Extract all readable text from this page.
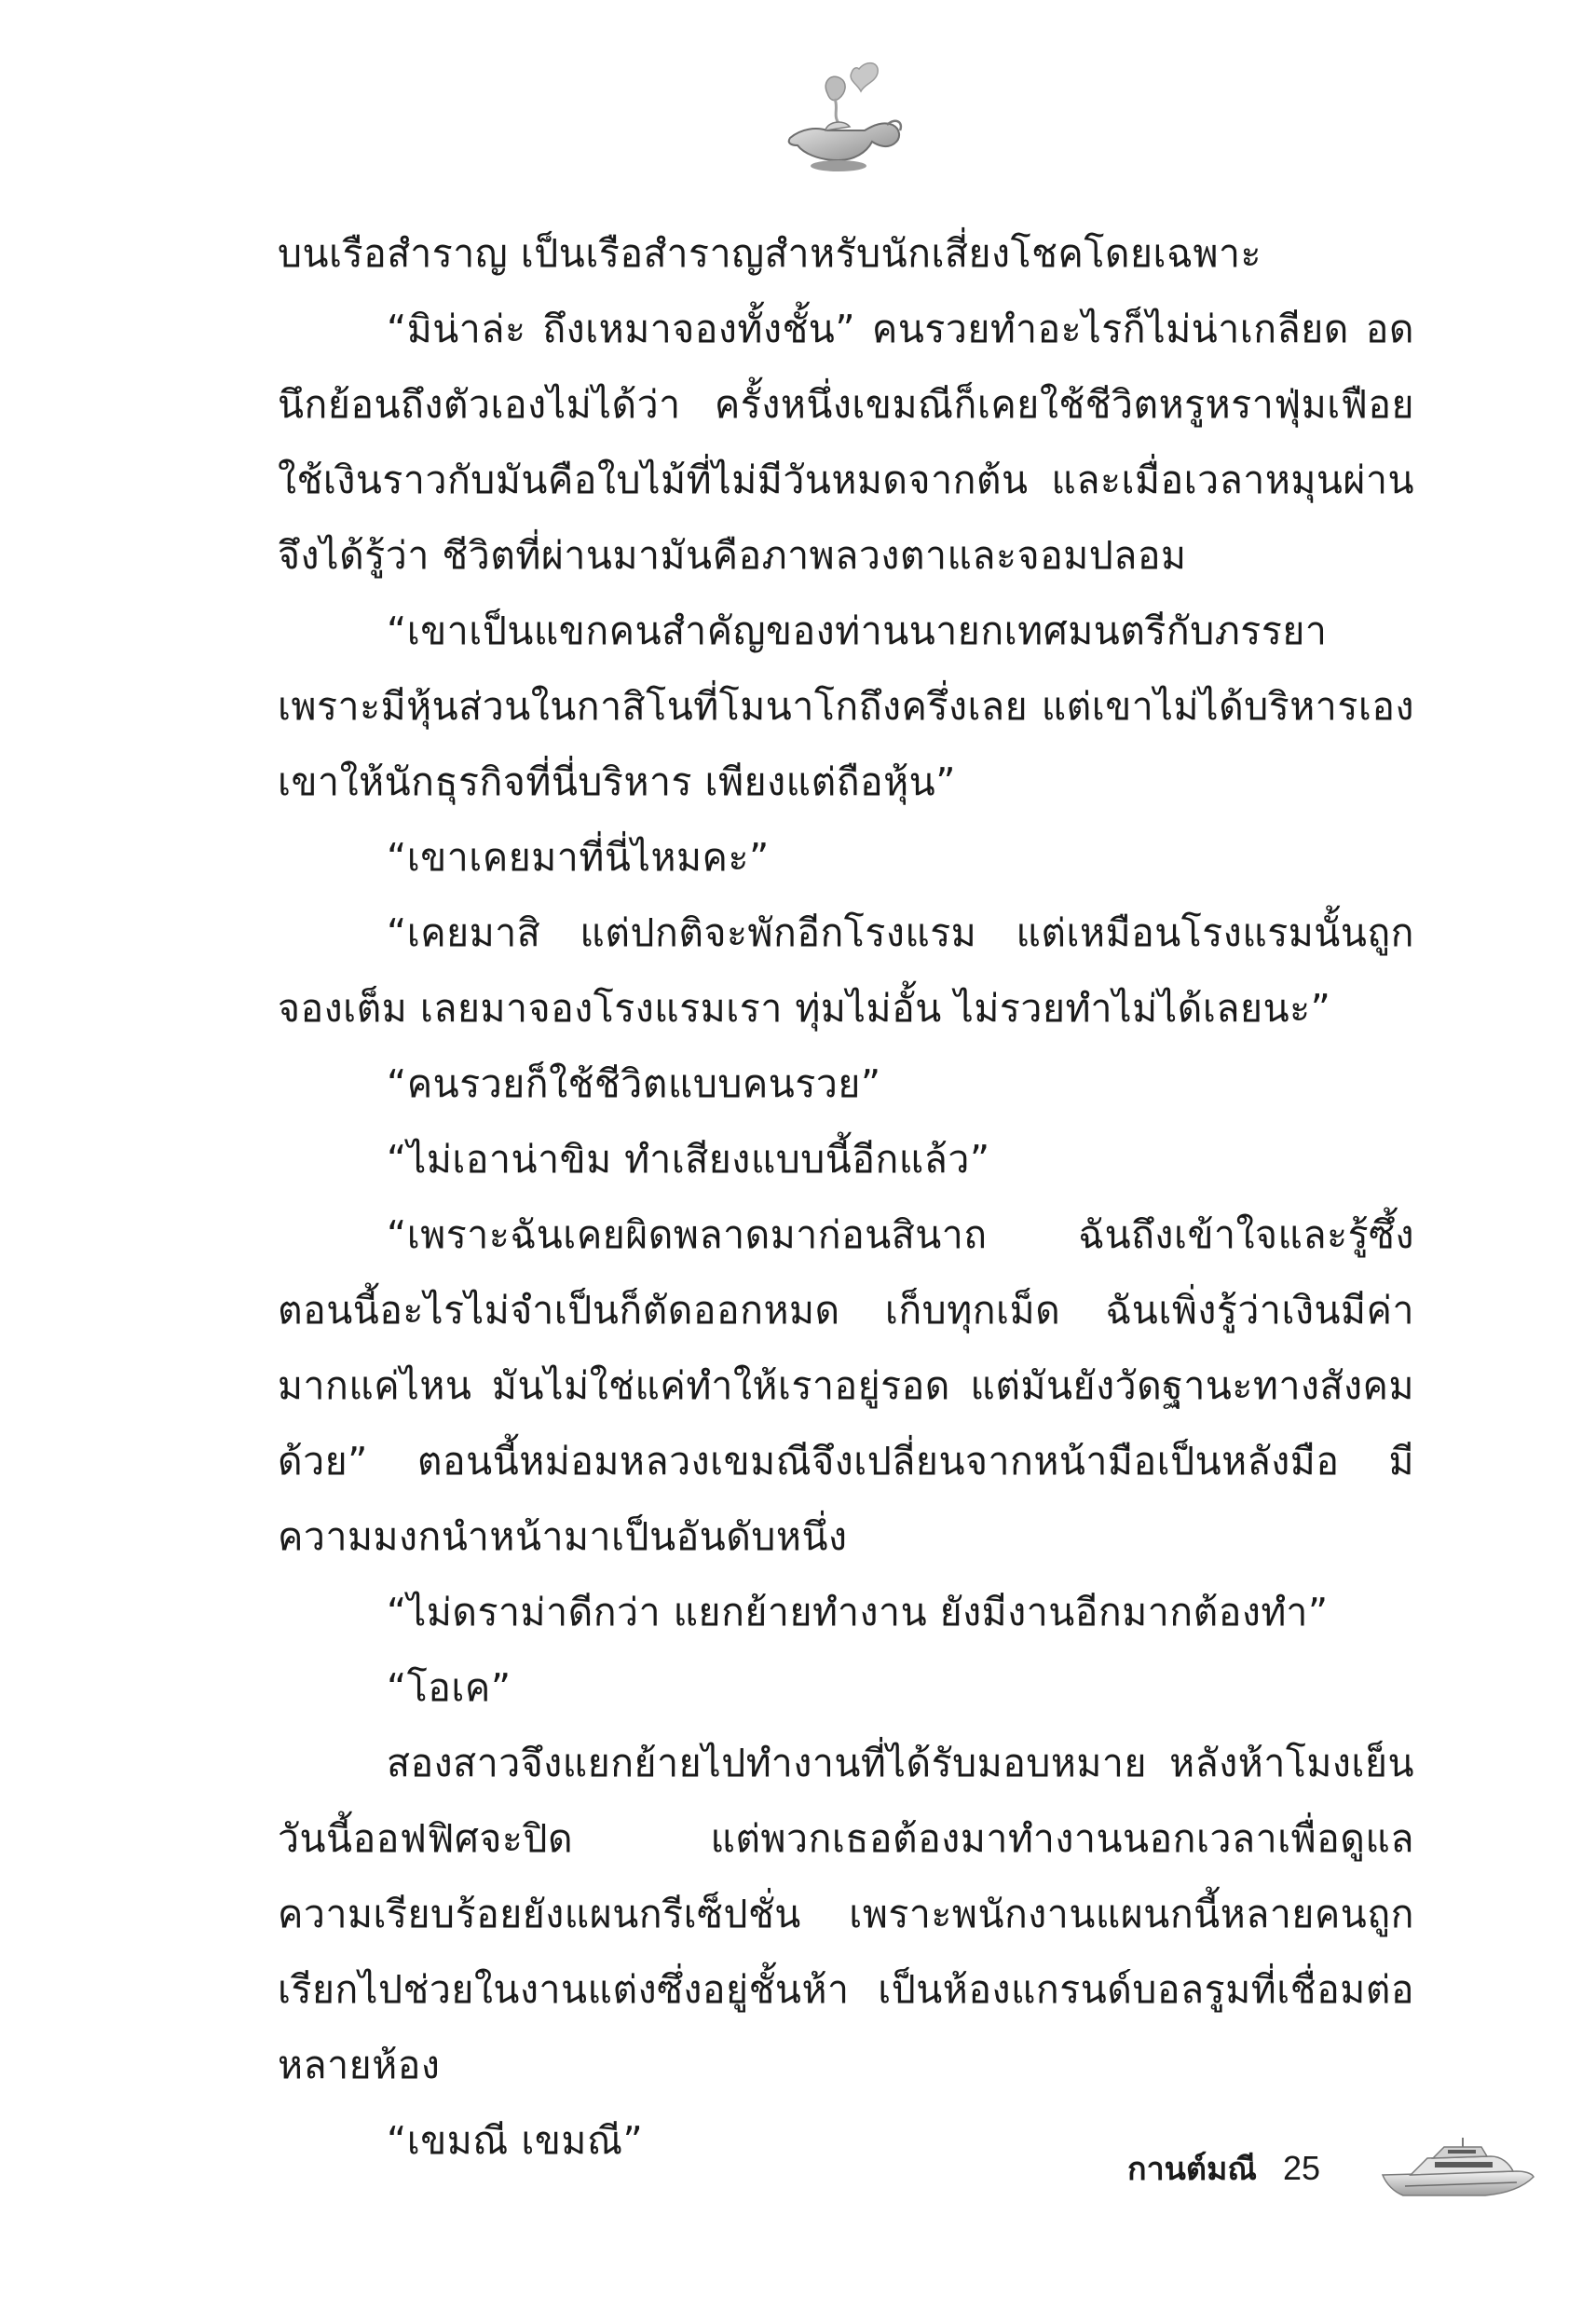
บนเรือสำราญ เป็นเรือสำราญสำหรับนักเสี่ยงโชคโดยเฉพาะ
“มิน่าล่ะ ถึงเหมาจองทั้งชั้น” คนรวยทำอะไรก็ไม่น่าเกลียด อด
นึกย้อนถึงตัวเองไม่ได้ว่า ครั้งหนึ่งเขมณีก็เคยใช้ชีวิตหรูหราฟุ่มเฟือย
ใช้เงินราวกับมันคือใบไม้ที่ไม่มีวันหมดจากต้น และเมื่อเวลาหมุนผ่าน
จึงได้รู้ว่า ชีวิตที่ผ่านมามันคือภาพลวงตาและจอมปลอม
“เขาเป็นแขกคนสำคัญของท่านนายกเทศมนตรีกับภรรยา
เพราะมีหุ้นส่วนในกาสิโนที่โมนาโกถึงครึ่งเลย แต่เขาไม่ได้บริหารเอง
เขาให้นักธุรกิจที่นี่บริหาร เพียงแต่ถือหุ้น”
“เขาเคยมาที่นี่ไหมคะ”
“เคยมาสิ แต่ปกติจะพักอีกโรงแรม แต่เหมือนโรงแรมนั้นถูก
จองเต็ม เลยมาจองโรงแรมเรา ทุ่มไม่อั้น ไม่รวยทำไม่ได้เลยนะ”
“คนรวยก็ใช้ชีวิตแบบคนรวย”
“ไม่เอาน่าขิม ทำเสียงแบบนี้อีกแล้ว”
“เพราะฉันเคยผิดพลาดมาก่อนสินาถ ฉันถึงเข้าใจและรู้ซึ้ง
ตอนนี้อะไรไม่จำเป็นก็ตัดออกหมด เก็บทุกเม็ด ฉันเพิ่งรู้ว่าเงินมีค่า
มากแค่ไหน มันไม่ใช่แค่ทำให้เราอยู่รอด แต่มันยังวัดฐานะทางสังคม
ด้วย” ตอนนี้หม่อมหลวงเขมณีจึงเปลี่ยนจากหน้ามือเป็นหลังมือ มี
ความมงกนำหน้ามาเป็นอันดับหนึ่ง
“ไม่ดราม่าดีกว่า แยกย้ายทำงาน ยังมีงานอีกมากต้องทำ”
“โอเค”
สองสาวจึงแยกย้ายไปทำงานที่ได้รับมอบหมาย หลังห้าโมงเย็น
วันนี้ออฟฟิศจะปิด แต่พวกเธอต้องมาทำงานนอกเวลาเพื่อดูแล
ความเรียบร้อยยังแผนกรีเซ็ปชั่น เพราะพนักงานแผนกนี้หลายคนถูก
เรียกไปช่วยในงานแต่งซึ่งอยู่ชั้นห้า เป็นห้องแกรนด์บอลรูมที่เชื่อมต่อ
หลายห้อง
“เขมณี เขมณี”
กานต์มณี 25
